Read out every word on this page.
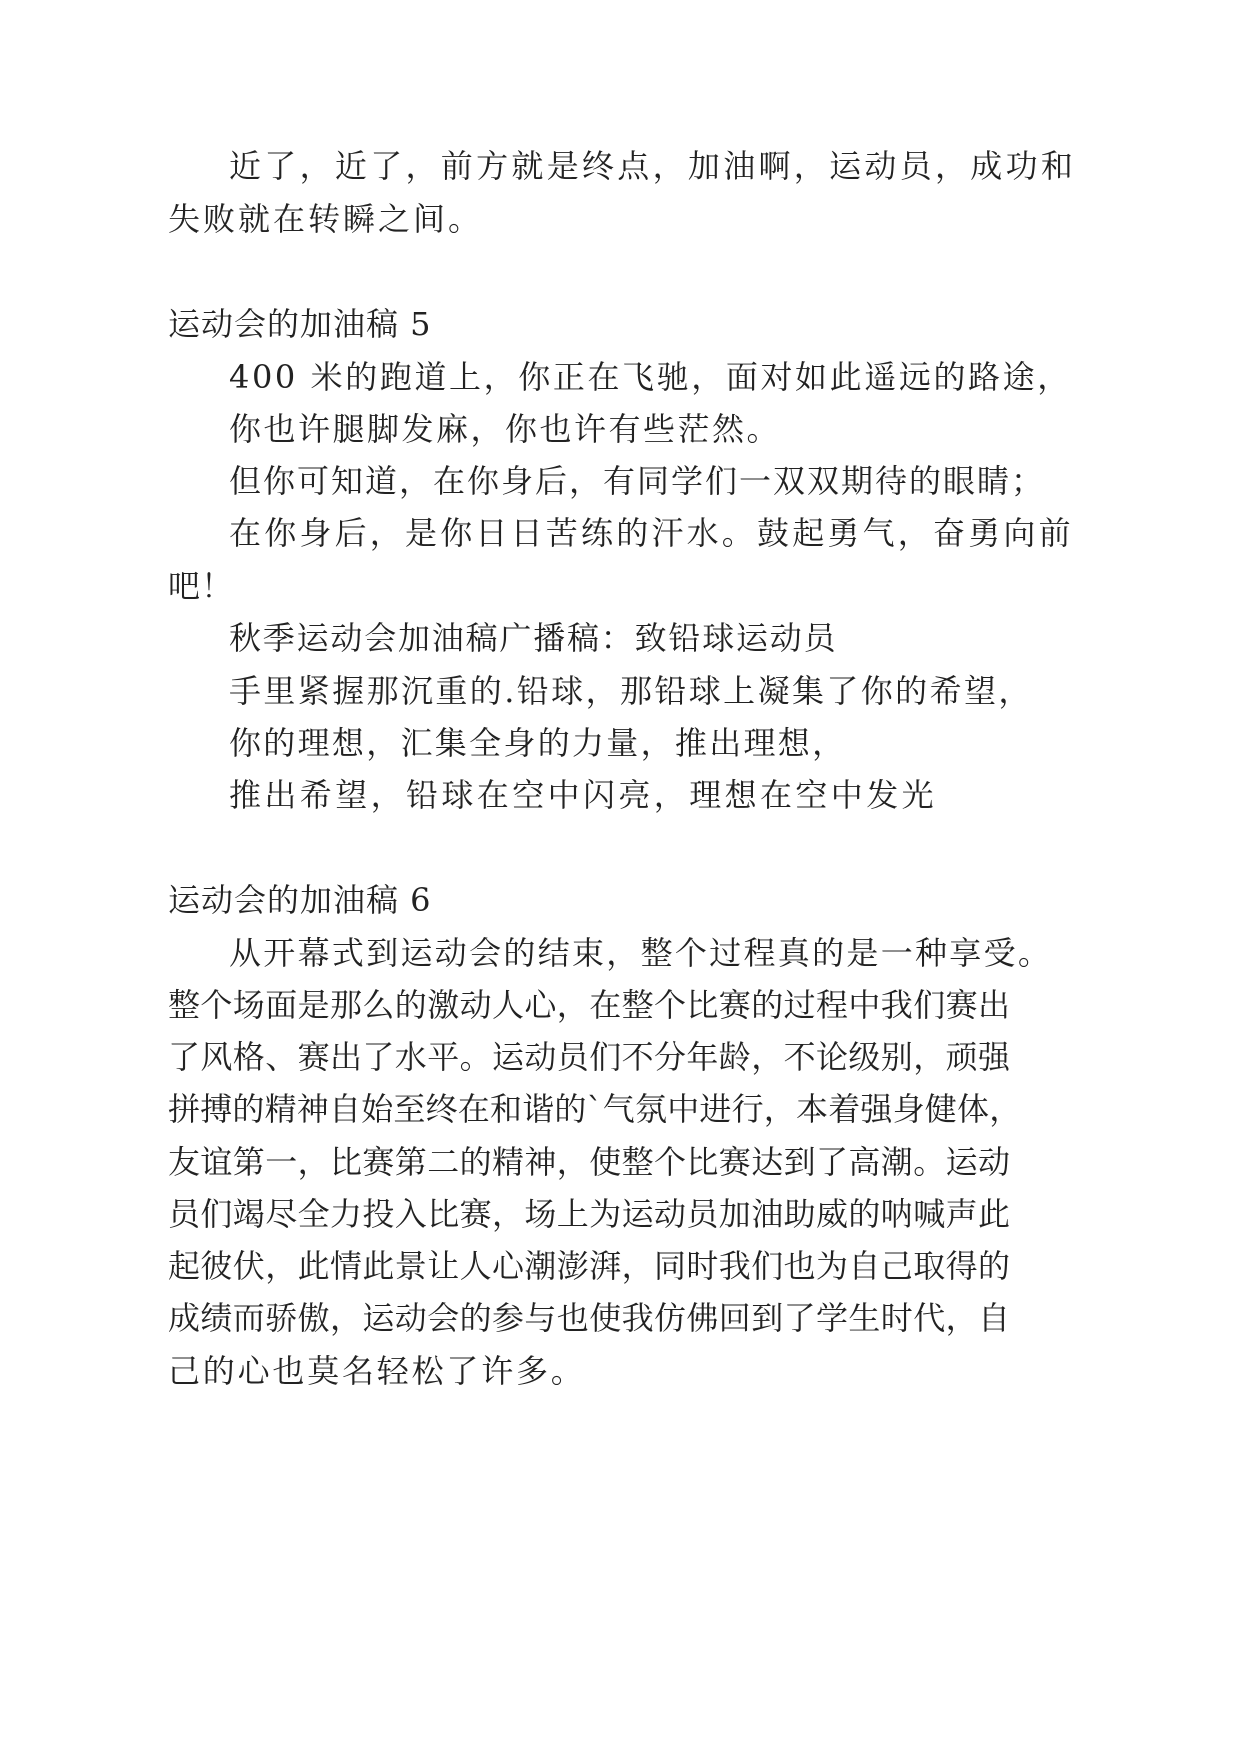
近了，近了，前方就是终点，加油啊，运动员，成功和
失败就在转瞬之间。
运动会的加油稿 5
400 米的跑道上，你正在飞驰，面对如此遥远的路途，
你也许腿脚发麻，你也许有些茫然。
但你可知道，在你身后，有同学们一双双期待的眼睛；
在你身后，是你日日苦练的汗水。鼓起勇气，奋勇向前
吧！
秋季运动会加油稿广播稿：致铅球运动员
手里紧握那沉重的.铅球，那铅球上凝集了你的希望，
你的理想，汇集全身的力量，推出理想，
推出希望，铅球在空中闪亮，理想在空中发光
运动会的加油稿 6
从开幕式到运动会的结束，整个过程真的是一种享受。
整个场面是那么的激动人心，在整个比赛的过程中我们赛出
了风格、赛出了水平。运动员们不分年龄，不论级别，顽强
拼搏的精神自始至终在和谐的`气氛中进行，本着强身健体，
友谊第一，比赛第二的精神，使整个比赛达到了高潮。运动
员们竭尽全力投入比赛，场上为运动员加油助威的呐喊声此
起彼伏，此情此景让人心潮澎湃，同时我们也为自己取得的
成绩而骄傲，运动会的参与也使我仿佛回到了学生时代，自
己的心也莫名轻松了许多。
